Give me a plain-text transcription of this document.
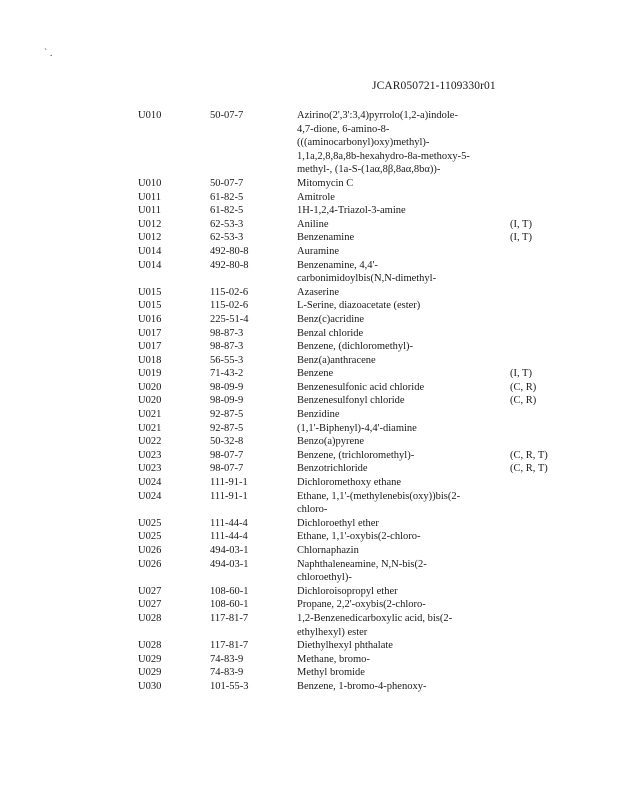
` .
JCAR050721-1109330r01
U010	50-07-7	Azirino(2',3':3,4)pyrrolo(1,2-a)indole-
4,7-dione, 6-amino-8-
(((aminocarbonyl)oxy)methyl)-
1,1a,2,8,8a,8b-hexahydro-8a-methoxy-5-
methyl-, (1a-S-(1aα,8β,8aα,8bα))-
U010	50-07-7	Mitomycin C
U011	61-82-5	Amitrole
U011	61-82-5	1H-1,2,4-Triazol-3-amine
U012	62-53-3	Aniline	(I, T)
U012	62-53-3	Benzenamine	(I, T)
U014	492-80-8	Auramine
U014	492-80-8	Benzenamine, 4,4'-
carbonimidoylbis(N,N-dimethyl-
U015	115-02-6	Azaserine
U015	115-02-6	L-Serine, diazoacetate (ester)
U016	225-51-4	Benz(c)acridine
U017	98-87-3	Benzal chloride
U017	98-87-3	Benzene, (dichloromethyl)-
U018	56-55-3	Benz(a)anthracene
U019	71-43-2	Benzene	(I, T)
U020	98-09-9	Benzenesulfonic acid chloride	(C, R)
U020	98-09-9	Benzenesulfonyl chloride	(C, R)
U021	92-87-5	Benzidine
U021	92-87-5	(1,1'-Biphenyl)-4,4'-diamine
U022	50-32-8	Benzo(a)pyrene
U023	98-07-7	Benzene, (trichloromethyl)-	(C, R, T)
U023	98-07-7	Benzotrichloride	(C, R, T)
U024	111-91-1	Dichloromethoxy ethane
U024	111-91-1	Ethane, 1,1'-(methylenebis(oxy))bis(2-
chloro-
U025	111-44-4	Dichloroethyl ether
U025	111-44-4	Ethane, 1,1'-oxybis(2-chloro-
U026	494-03-1	Chlornaphazin
U026	494-03-1	Naphthaleneamine, N,N-bis(2-
chloroethyl)-
U027	108-60-1	Dichloroisopropyl ether
U027	108-60-1	Propane, 2,2'-oxybis(2-chloro-
U028	117-81-7	1,2-Benzenedicarboxylic acid, bis(2-
ethylhexyl) ester
U028	117-81-7	Diethylhexyl phthalate
U029	74-83-9	Methane, bromo-
U029	74-83-9	Methyl bromide
U030	101-55-3	Benzene, 1-bromo-4-phenoxy-
